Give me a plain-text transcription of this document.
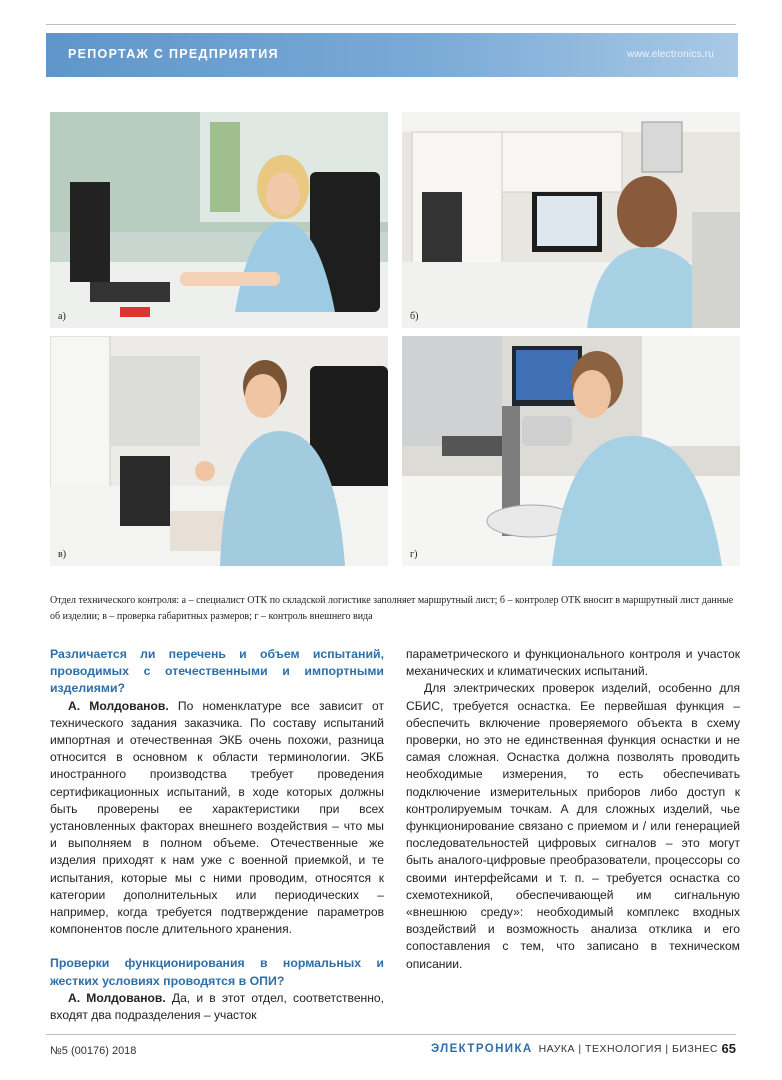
РЕПОРТАЖ С ПРЕДПРИЯТИЯ	www.electronics.ru
а)	б)
в)	г)
Отдел технического контроля: а – специалист ОТК по складской логистике заполняет маршрутный лист; б – контролер ОТК вносит в маршрутный лист данные об изделии; в – проверка габаритных размеров; г – контроль внешнего вида

Различается ли перечень и объем испытаний, проводимых с отечественными и импортными изделиями?

А. Молдованов. По номенклатуре все зависит от технического задания заказчика. По составу испытаний импортная и отечественная ЭКБ очень похожи, разница относится в основном к области терминологии. ЭКБ иностранного производства требует проведения сертификационных испытаний, в ходе которых должны быть проверены ее характеристики при всех установленных факторах внешнего воздействия – что мы и выполняем в полном объеме. Отечественные же изделия приходят к нам уже с военной приемкой, и те испытания, которые мы с ними проводим, относятся к категории дополнительных или периодических – например, когда требуется подтверждение параметров компонентов после длительного хранения.

Проверки функционирования в нормальных и жестких условиях проводятся в ОПИ?

А. Молдованов. Да, и в этот отдел, соответственно, входят два подразделения – участок

параметрического и функционального контроля и участок механических и климатических испытаний.

Для электрических проверок изделий, особенно для СБИС, требуется оснастка. Ее первейшая функция – обеспечить включение проверяемого объекта в схему проверки, но это не единственная функция оснастки и не самая сложная. Оснастка должна позволять проводить необходимые измерения, то есть обеспечивать подключение измерительных приборов либо доступ к контролируемым точкам. А для сложных изделий, чье функционирование связано с приемом и / или генерацией последовательностей цифровых сигналов – это могут быть аналого-цифровые преобразователи, процессоры со своими интерфейсами и т. п. – требуется оснастка со схемотехникой, обеспечивающей им сигнальную «внешнюю среду»: необходимый комплекс входных воздействий и возможность анализа отклика и его сопоставления с тем, что записано в техническом описании.

№5 (00176) 2018	ЭЛЕКТРОНИКА НАУКА | ТЕХНОЛОГИЯ | БИЗНЕС 65
